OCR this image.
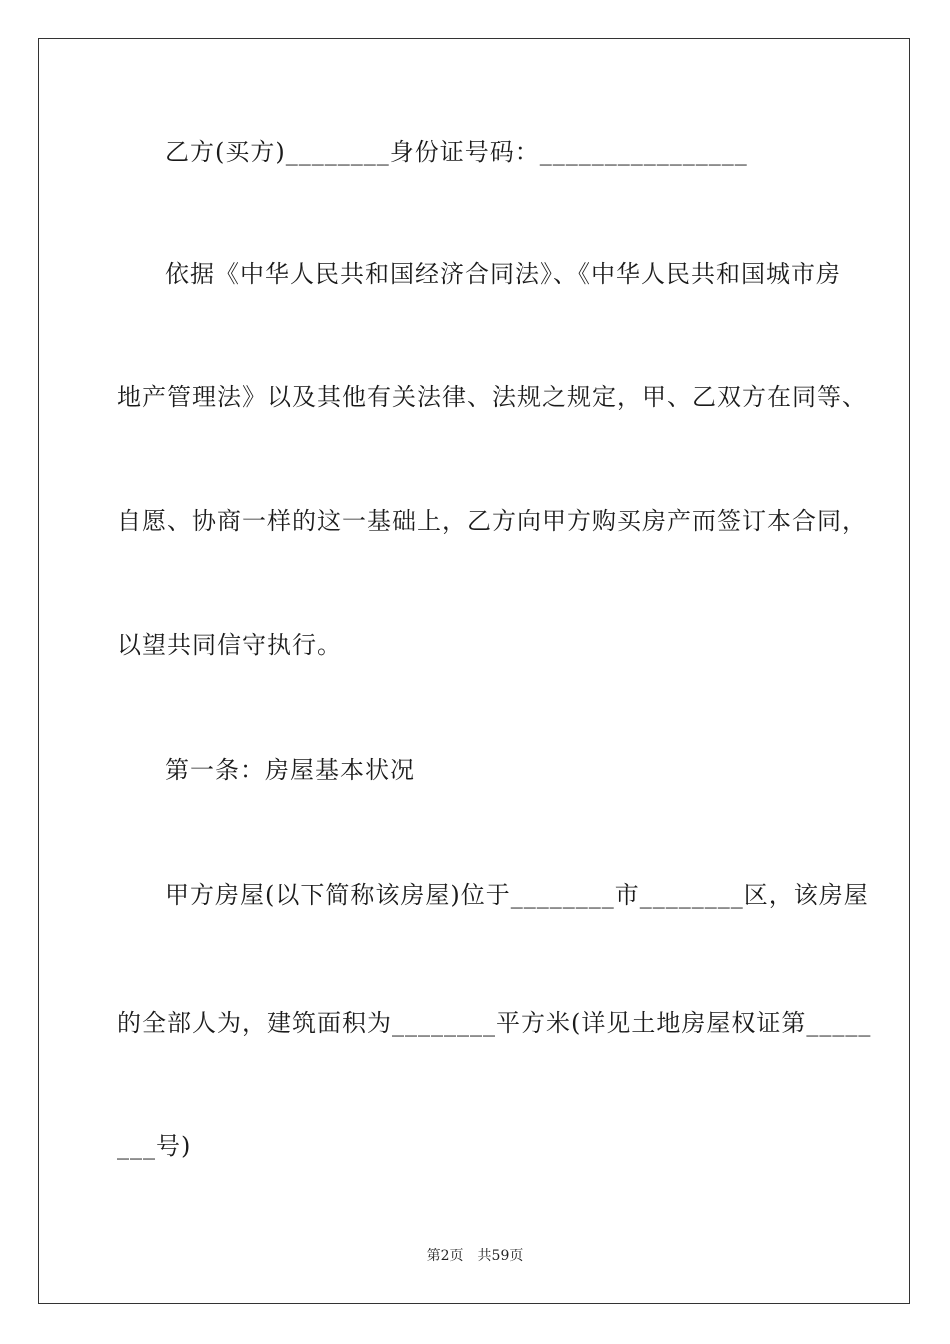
乙方(买方)________身份证号码：________________
依据《中华人民共和国经济合同法》、《中华人民共和国城市房
地产管理法》以及其他有关法律、法规之规定，甲、乙双方在同等、
自愿、协商一样的这一基础上，乙方向甲方购买房产而签订本合同，
以望共同信守执行。
第一条：房屋基本状况
甲方房屋(以下简称该房屋)位于________市________区，该房屋
的全部人为，建筑面积为________平方米(详见土地房屋权证第_____
___号)
第2页　共59页
